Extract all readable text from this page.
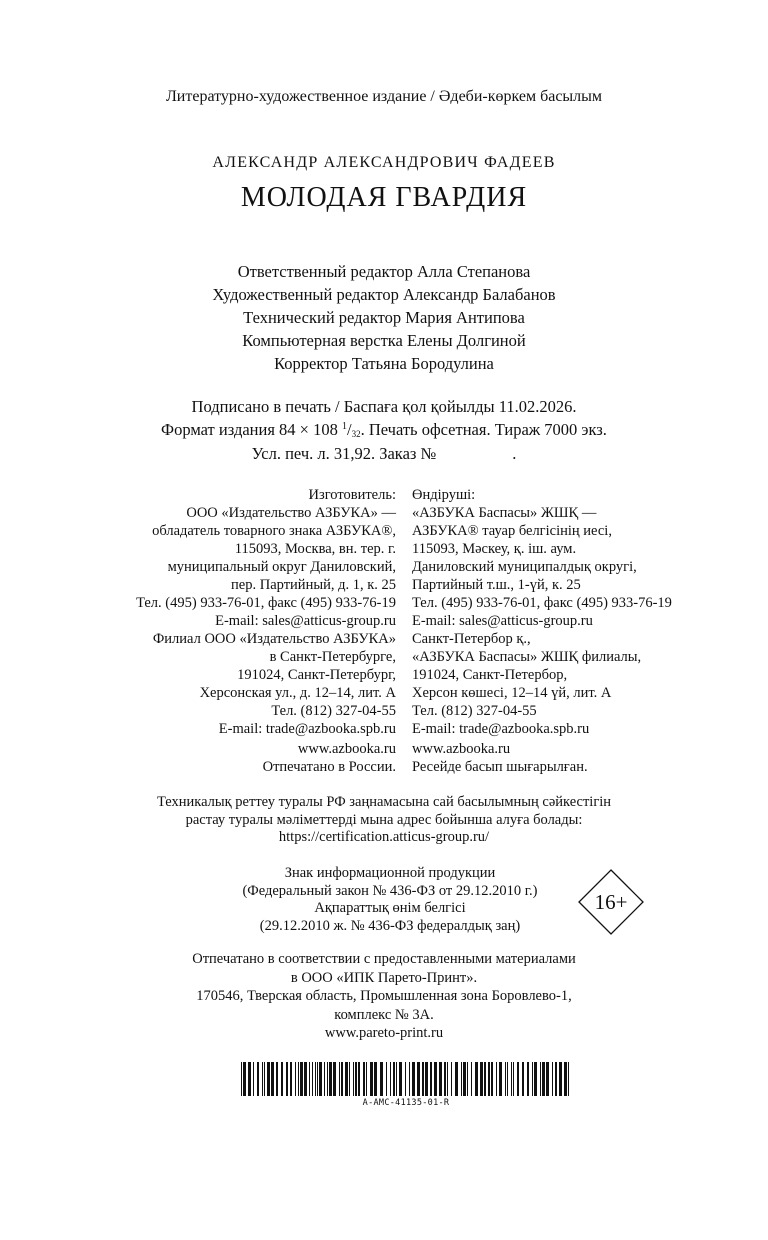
Литературно-художественное издание / Әдеби-көркем басылым
АЛЕКСАНДР АЛЕКСАНДРОВИЧ ФАДЕЕВ
МОЛОДАЯ ГВАРДИЯ
Ответственный редактор Алла Степанова
Художественный редактор Александр Балабанов
Технический редактор Мария Антипова
Компьютерная верстка Елены Долгиной
Корректор Татьяна Бородулина
Подписано в печать / Баспаға қол қойылды 11.02.2026.
Формат издания 84 × 108 $^1/_{32}$. Печать офсетная. Тираж 7000 экз.
Усл. печ. л. 31,92. Заказ №	.
Изготовитель:
ООО «Издательство АЗБУКА» —
обладатель товарного знака АЗБУКА®,
115093, Москва, вн. тер. г.
муниципальный округ Даниловский,
пер. Партийный, д. 1, к. 25
Тел. (495) 933-76-01, факс (495) 933-76-19
E-mail: sales@atticus-group.ru
Өндіруші:
«АЗБУКА Баспасы» ЖШҚ —
АЗБУКА® тауар белгісінің иесі,
115093, Мәскеу, қ. іш. аум.
Даниловский муниципалдық округі,
Партийный т.ш., 1-үй, к. 25
Тел. (495) 933-76-01, факс (495) 933-76-19
E-mail: sales@atticus-group.ru
Филиал ООО «Издательство АЗБУКА»
в Санкт-Петербурге,
191024, Санкт-Петербург,
Херсонская ул., д. 12–14, лит. А
Тел. (812) 327-04-55
E-mail: trade@azbooka.spb.ru
Санкт-Петербор қ.,
«АЗБУКА Баспасы» ЖШҚ филиалы,
191024, Санкт-Петербор,
Херсон көшесі, 12–14 үй, лит. А
Тел. (812) 327-04-55
E-mail: trade@azbooka.spb.ru
www.azbooka.ru
Отпечатано в России.
www.azbooka.ru
Ресейде басып шығарылған.
Техникалық реттеу туралы РФ заңнамасына сай басылымның сәйкестігін
растау туралы мәліметтерді мына адрес бойынша алуға болады:
https://certification.atticus-group.ru/
Знак информационной продукции
(Федеральный закон № 436-ФЗ от 29.12.2010 г.)
Ақпараттық өнім белгісі
(29.12.2010 ж. № 436-ФЗ федералдық заң)
16+
Отпечатано в соответствии с предоставленными материалами
в ООО «ИПК Парето-Принт».
170546, Тверская область, Промышленная зона Боровлево-1,
комплекс № 3А.
www.pareto-print.ru
A-AMC-41135-01-R
